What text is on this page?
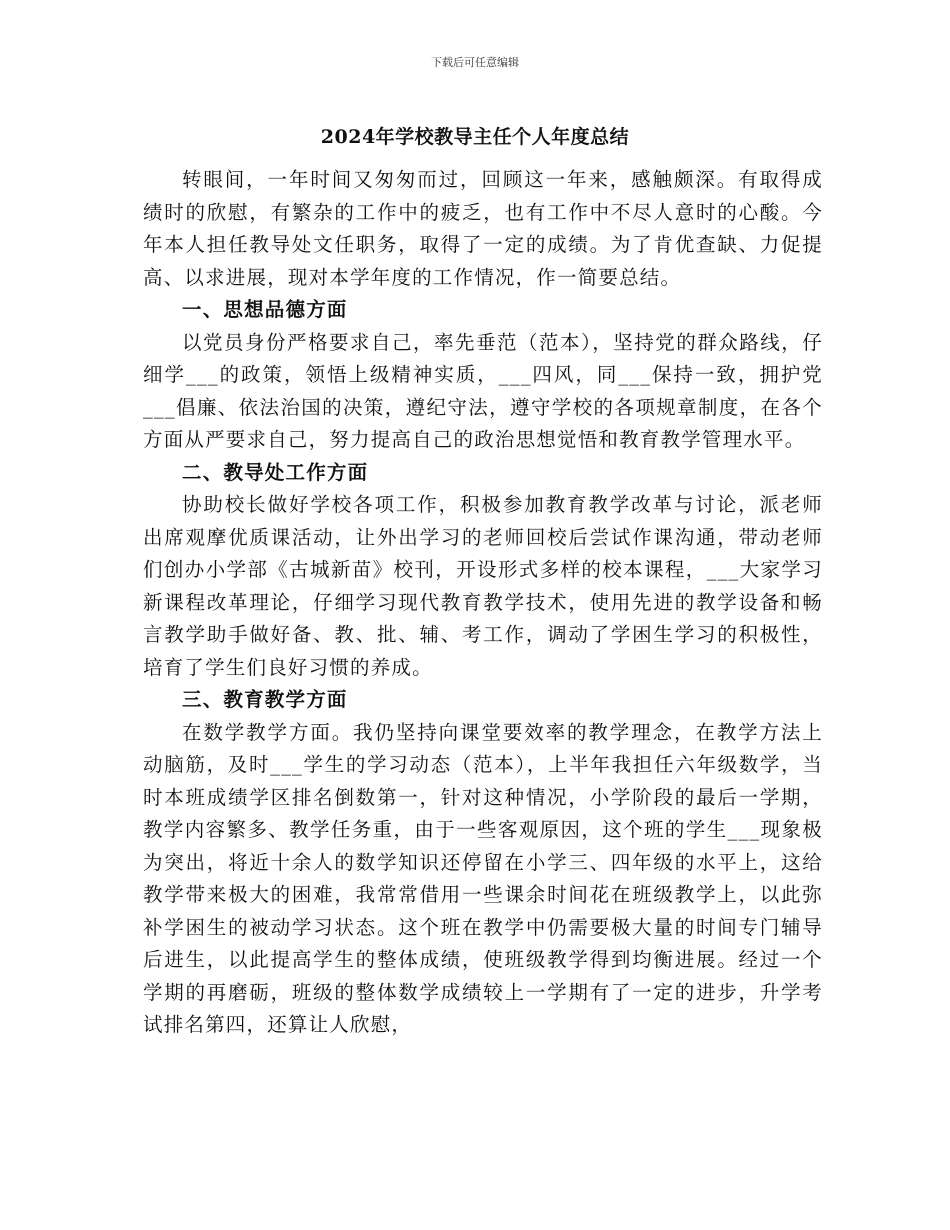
下载后可任意编辑
2024年学校教导主任个人年度总结

转眼间，一年时间又匆匆而过，回顾这一年来，感触颇深。有取得成绩时的欣慰，有繁杂的工作中的疲乏，也有工作中不尽人意时的心酸。今年本人担任教导处文任职务，取得了一定的成绩。为了肯优查缺、力促提高、以求进展，现对本学年度的工作情况，作一简要总结。

一、思想品德方面

以党员身份严格要求自己，率先垂范（范本），坚持党的群众路线，仔细学___的政策，领悟上级精神实质，___四风，同___保持一致，拥护党___倡廉、依法治国的决策，遵纪守法，遵守学校的各项规章制度，在各个方面从严要求自己，努力提高自己的政治思想觉悟和教育教学管理水平。

二、教导处工作方面

协助校长做好学校各项工作，积极参加教育教学改革与讨论，派老师出席观摩优质课活动，让外出学习的老师回校后尝试作课沟通，带动老师们创办小学部《古城新苗》校刊，开设形式多样的校本课程，___大家学习新课程改革理论，仔细学习现代教育教学技术，使用先进的教学设备和畅言教学助手做好备、教、批、辅、考工作，调动了学困生学习的积极性，培育了学生们良好习惯的养成。

三、教育教学方面

在数学教学方面。我仍坚持向课堂要效率的教学理念，在教学方法上动脑筋，及时___学生的学习动态（范本），上半年我担任六年级数学，当时本班成绩学区排名倒数第一，针对这种情况，小学阶段的最后一学期，教学内容繁多、教学任务重，由于一些客观原因，这个班的学生___现象极为突出，将近十余人的数学知识还停留在小学三、四年级的水平上，这给教学带来极大的困难，我常常借用一些课余时间花在班级教学上，以此弥补学困生的被动学习状态。这个班在教学中仍需要极大量的时间专门辅导后进生，以此提高学生的整体成绩，使班级教学得到均衡进展。经过一个学期的再磨砺，班级的整体数学成绩较上一学期有了一定的进步，升学考试排名第四，还算让人欣慰，
